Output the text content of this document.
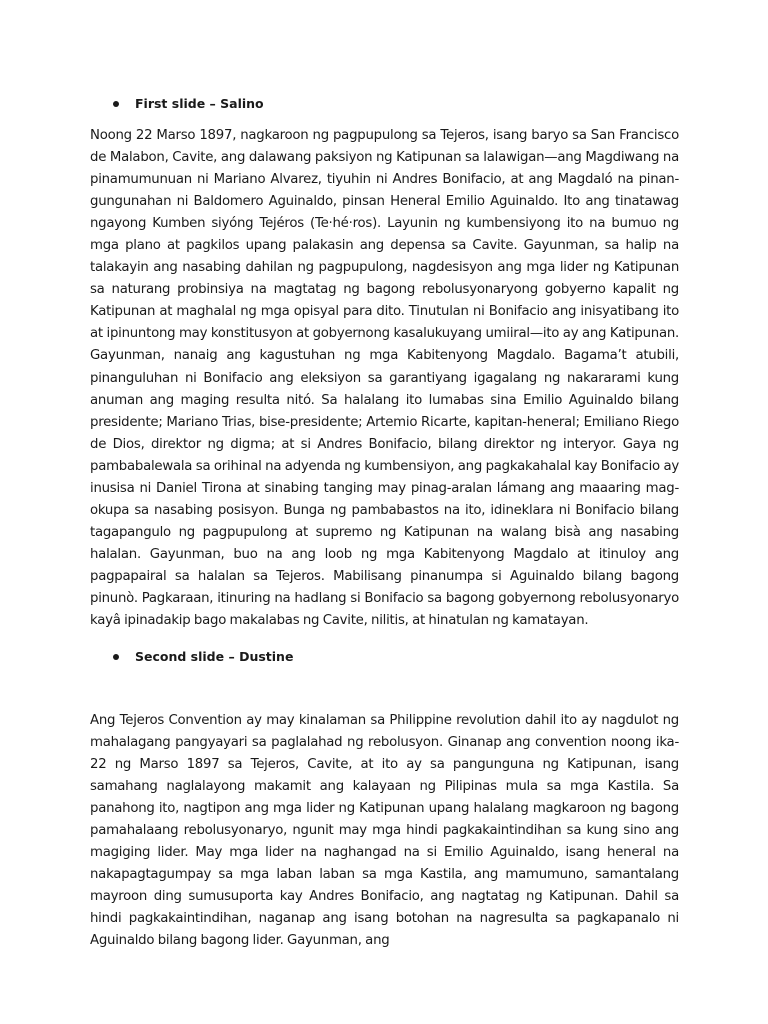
First slide – Salino

Noong 22 Marso 1897, nagkaroon ng pagpupulong sa Tejeros, isang baryo sa San Francisco de Malabon, Cavite, ang dalawang paksiyon ng Katipunan sa lalawigan—ang Magdiwang na pinamumunuan ni Mariano Alvarez, tiyuhin ni Andres Bonifacio, at ang Magdaló na pinan-gungunahan ni Baldomero Aguinaldo, pinsan Heneral Emilio Aguinaldo. Ito ang tinatawag ngayong Kumben siyóng Tejéros (Te·hé·ros). Layunin ng kumbensiyong ito na bumuo ng mga plano at pagkilos upang palakasin ang depensa sa Cavite. Gayunman, sa halip na talakayin ang nasabing dahilan ng pagpupulong, nagdesisyon ang mga lider ng Katipunan sa naturang probinsiya na magtatag ng bagong rebolusyonaryong gobyerno kapalit ng Katipunan at maghalal ng mga opisyal para dito. Tinutulan ni Bonifacio ang inisyatibang ito at ipinuntong may konstitusyon at gobyernong kasalukuyang umiiral—ito ay ang Katipunan. Gayunman, nanaig ang kagustuhan ng mga Kabitenyong Magdalo. Bagama’t atubili, pinanguluhan ni Bonifacio ang eleksiyon sa garantiyang igagalang ng nakararami kung anuman ang maging resulta nitó. Sa halalang ito lumabas sina Emilio Aguinaldo bilang presidente; Mariano Trias, bise-presidente; Artemio Ricarte, kapitan-heneral; Emiliano Riego de Dios, direktor ng digma; at si Andres Bonifacio, bilang direktor ng interyor. Gaya ng pambabalewala sa orihinal na adyenda ng kumbensiyon, ang pagkakahalal kay Bonifacio ay inusisa ni Daniel Tirona at sinabing tanging may pinag-aralan lámang ang maaaring mag-okupa sa nasabing posisyon. Bunga ng pambabastos na ito, idineklara ni Bonifacio bilang tagapangulo ng pagpupulong at supremo ng Katipunan na walang bisà ang nasabing halalan. Gayunman, buo na ang loob ng mga Kabitenyong Magdalo at itinuloy ang pagpapairal sa halalan sa Tejeros. Mabilisang pinanumpa si Aguinaldo bilang bagong pinunò. Pagkaraan, itinuring na hadlang si Bonifacio sa bagong gobyernong rebolusyonaryo kayâ ipinadakip bago makalabas ng Cavite, nilitis, at hinatulan ng kamatayan.

Second slide – Dustine

Ang Tejeros Convention ay may kinalaman sa Philippine revolution dahil ito ay nagdulot ng mahalagang pangyayari sa paglalahad ng rebolusyon. Ginanap ang convention noong ika-22 ng Marso 1897 sa Tejeros, Cavite, at ito ay sa pangunguna ng Katipunan, isang samahang naglalayong makamit ang kalayaan ng Pilipinas mula sa mga Kastila. Sa panahong ito, nagtipon ang mga lider ng Katipunan upang halalang magkaroon ng bagong pamahalaang rebolusyonaryo, ngunit may mga hindi pagkakaintindihan sa kung sino ang magiging lider. May mga lider na naghangad na si Emilio Aguinaldo, isang heneral na nakapagtagumpay sa mga laban laban sa mga Kastila, ang mamumuno, samantalang mayroon ding sumusuporta kay Andres Bonifacio, ang nagtatag ng Katipunan. Dahil sa hindi pagkakaintindihan, naganap ang isang botohan na nagresulta sa pagkapanalo ni Aguinaldo bilang bagong lider. Gayunman, ang
